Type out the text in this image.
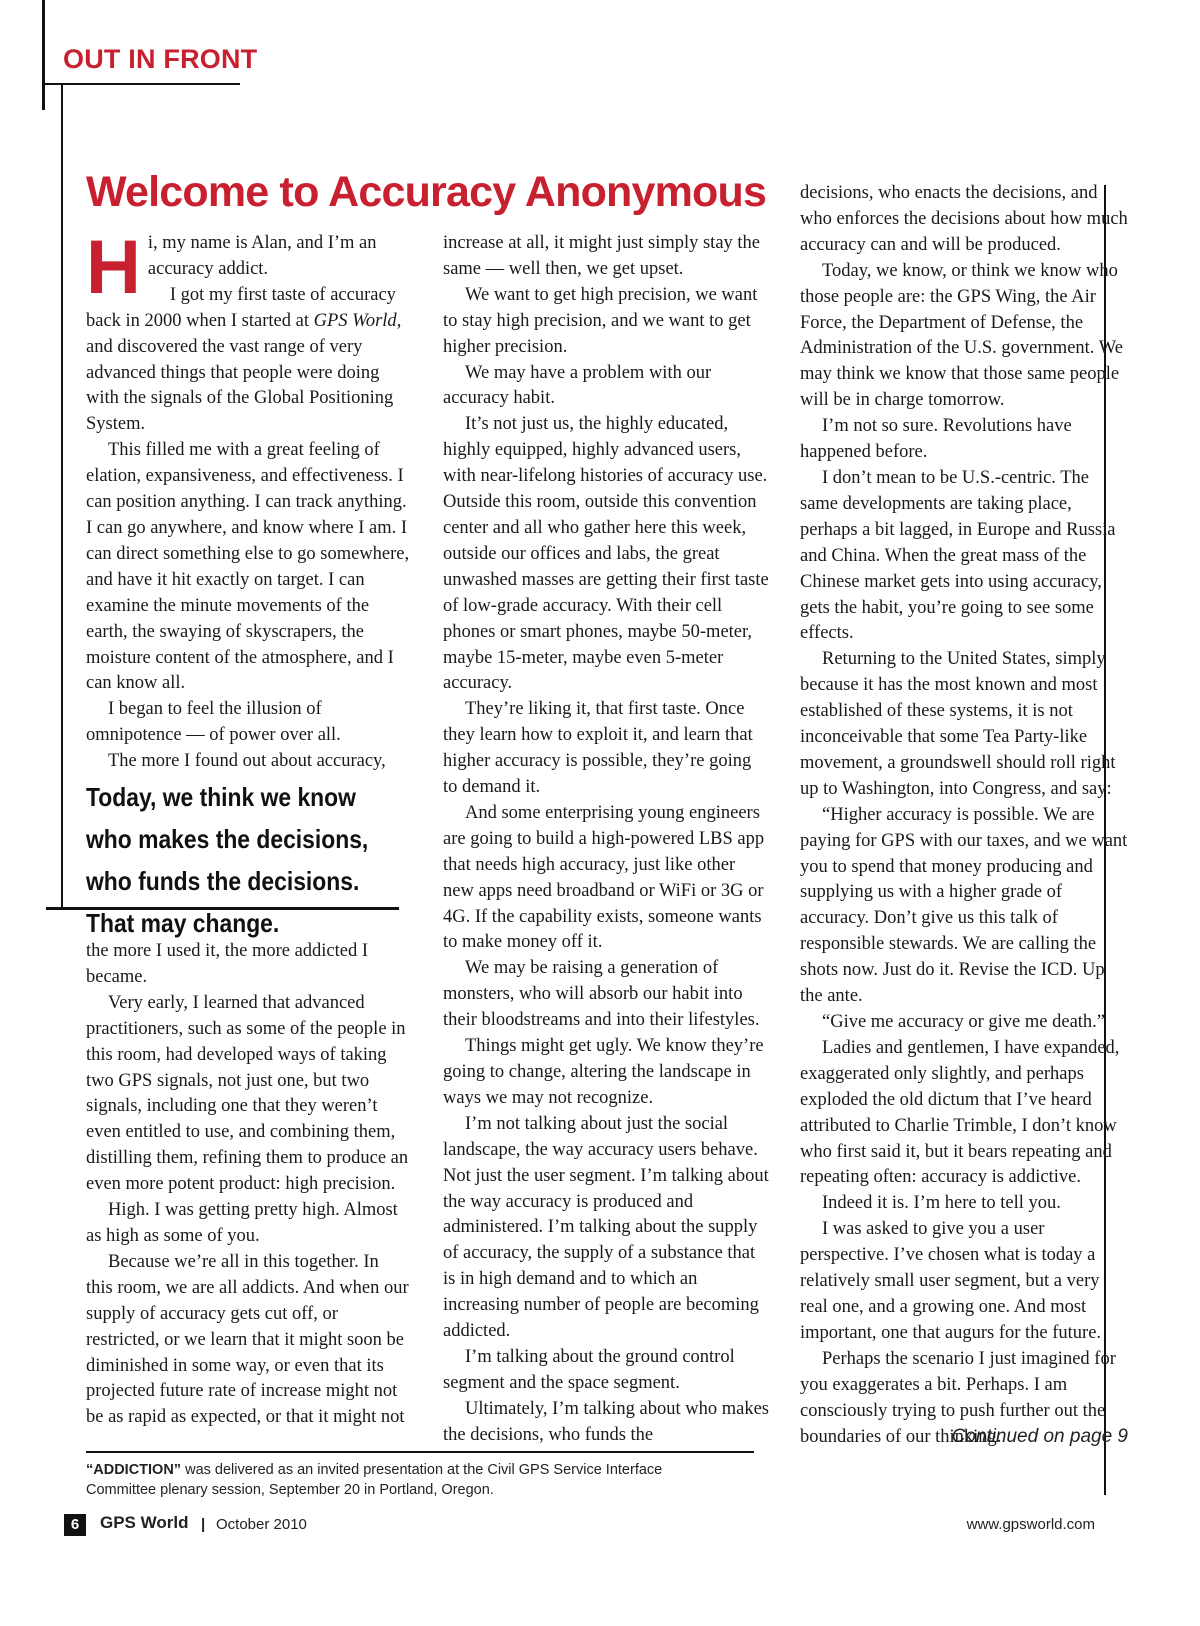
OUT IN FRONT
Welcome to Accuracy Anonymous
H i, my name is Alan, and I’m an accuracy addict.

I got my first taste of accuracy back in 2000 when I started at GPS World, and discovered the vast range of very advanced things that people were doing with the signals of the Global Positioning System.

This filled me with a great feeling of elation, expansiveness, and effectiveness. I can position anything. I can track anything. I can go anywhere, and know where I am. I can direct something else to go somewhere, and have it hit exactly on target. I can examine the minute movements of the earth, the swaying of skyscrapers, the moisture content of the atmosphere, and I can know all.

I began to feel the illusion of omnipotence — of power over all.

The more I found out about accuracy,

Today, we think we know who makes the decisions, who funds the decisions. That may change.

the more I used it, the more addicted I became.

Very early, I learned that advanced practitioners, such as some of the people in this room, had developed ways of taking two GPS signals, not just one, but two signals, including one that they weren’t even entitled to use, and combining them, distilling them, refining them to produce an even more potent product: high precision.

High. I was getting pretty high. Almost as high as some of you.

Because we’re all in this together. In this room, we are all addicts. And when our supply of accuracy gets cut off, or restricted, or we learn that it might soon be diminished in some way, or even that its projected future rate of increase might not be as rapid as expected, or that it might not

increase at all, it might just simply stay the same — well then, we get upset.

We want to get high precision, we want to stay high precision, and we want to get higher precision.

We may have a problem with our accuracy habit.

It’s not just us, the highly educated, highly equipped, highly advanced users, with near-lifelong histories of accuracy use. Outside this room, outside this convention center and all who gather here this week, outside our offices and labs, the great unwashed masses are getting their first taste of low-grade accuracy. With their cell phones or smart phones, maybe 50-meter, maybe 15-meter, maybe even 5-meter accuracy.

They’re liking it, that first taste. Once they learn how to exploit it, and learn that higher accuracy is possible, they’re going to demand it.

And some enterprising young engineers are going to build a high-powered LBS app that needs high accuracy, just like other new apps need broadband or WiFi or 3G or 4G. If the capability exists, someone wants to make money off it.

We may be raising a generation of monsters, who will absorb our habit into their bloodstreams and into their lifestyles.

Things might get ugly. We know they’re going to change, altering the landscape in ways we may not recognize.

I’m not talking about just the social landscape, the way accuracy users behave. Not just the user segment. I’m talking about the way accuracy is produced and administered. I’m talking about the supply of accuracy, the supply of a substance that is in high demand and to which an increasing number of people are becoming addicted.

I’m talking about the ground control segment and the space segment.

Ultimately, I’m talking about who makes the decisions, who funds the

decisions, who enacts the decisions, and who enforces the decisions about how much accuracy can and will be produced.

Today, we know, or think we know who those people are: the GPS Wing, the Air Force, the Department of Defense, the Administration of the U.S. government. We may think we know that those same people will be in charge tomorrow.

I’m not so sure. Revolutions have happened before.

I don’t mean to be U.S.-centric. The same developments are taking place, perhaps a bit lagged, in Europe and Russia and China. When the great mass of the Chinese market gets into using accuracy, gets the habit, you’re going to see some effects.

Returning to the United States, simply because it has the most known and most established of these systems, it is not inconceivable that some Tea Party-like movement, a groundswell should roll right up to Washington, into Congress, and say:

“Higher accuracy is possible. We are paying for GPS with our taxes, and we want you to spend that money producing and supplying us with a higher grade of accuracy. Don’t give us this talk of responsible stewards. We are calling the shots now. Just do it. Revise the ICD. Up the ante.

“Give me accuracy or give me death.”

Ladies and gentlemen, I have expanded, exaggerated only slightly, and perhaps exploded the old dictum that I’ve heard attributed to Charlie Trimble, I don’t know who first said it, but it bears repeating and repeating often: accuracy is addictive.

Indeed it is. I’m here to tell you.

I was asked to give you a user perspective. I’ve chosen what is today a relatively small user segment, but a very real one, and a growing one. And most important, one that augurs for the future.

Perhaps the scenario I just imagined for you exaggerates a bit. Perhaps. I am consciously trying to push further out the boundaries of our thinking.

Continued on page 9
“ADDICTION” was delivered as an invited presentation at the Civil GPS Service Interface Committee plenary session, September 20 in Portland, Oregon.
6	GPS World | October 2010	www.gpsworld.com
